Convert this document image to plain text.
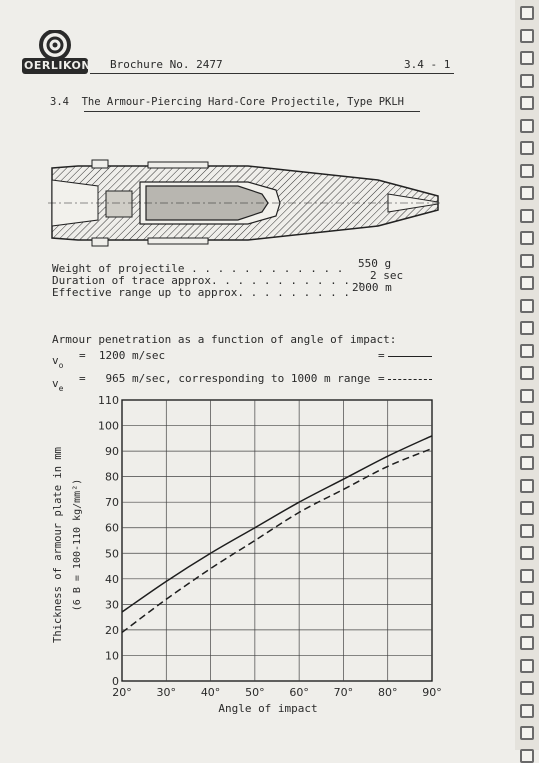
OERLIKON Brochure No. 2477	3.4 - 1
3.4  The Armour-Piercing Hard-Core Projectile, Type PKLH
Weight of projectile . . . . . . . . . . . . 550 g
Duration of trace approx. . . . . . . . . . . . 2 sec
Effective range up to approx. . . . . . . . . 2000 m
Armour penetration as a function of angle of impact:
$v_o$
=  1200 m/sec	=
$v_e$
=   965 m/sec, corresponding to 1000 m range =
0
10
20
30
40
50
60
70
80
90
100
110
20° 30° 40° 50° 60° 70° 80° 90°
Angle of impact
Thickness of armour plate in mm (6 B = 100-110 kg/mm²)
